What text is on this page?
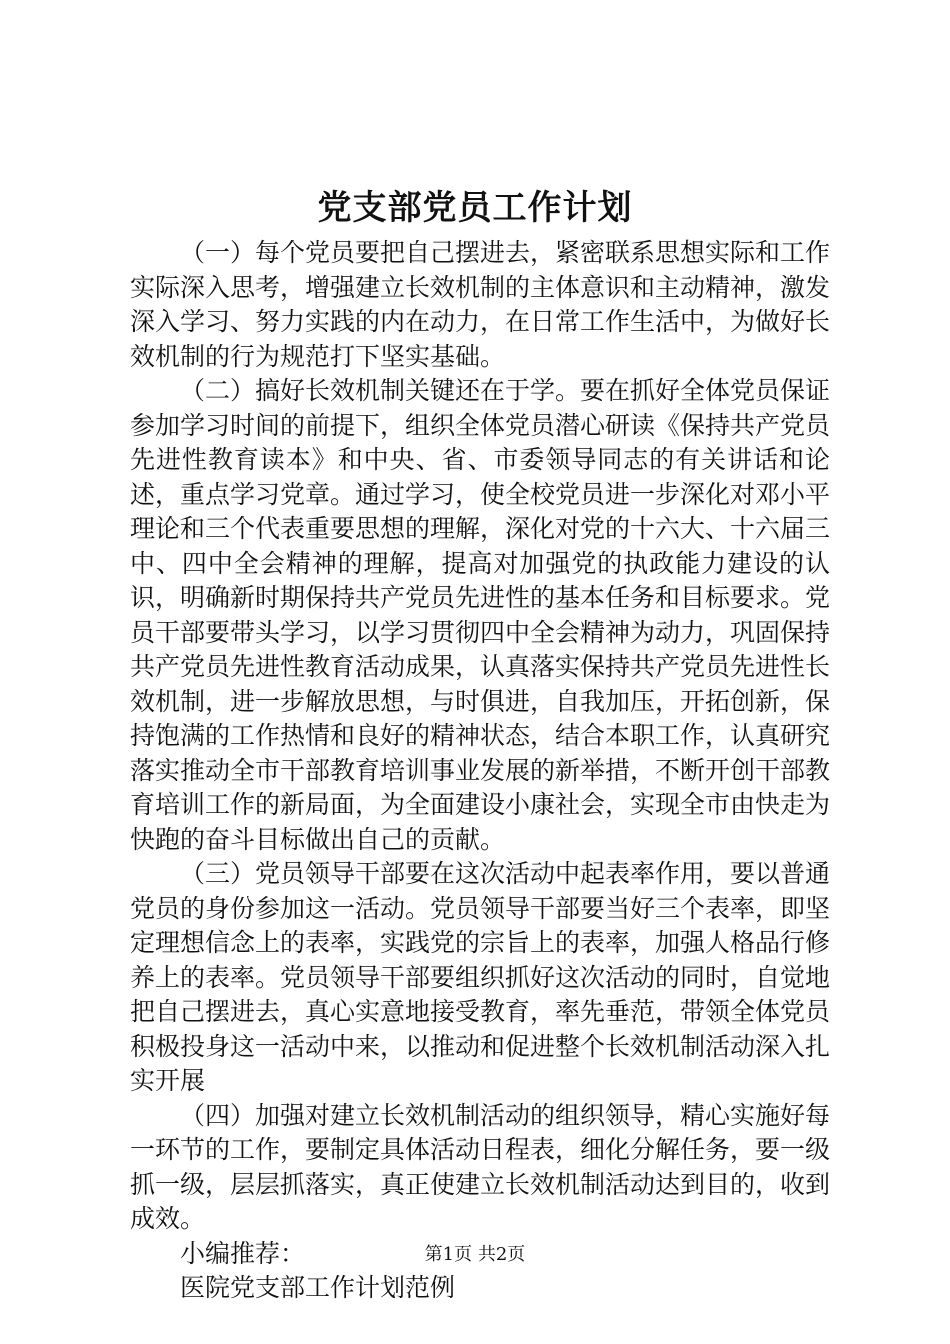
党支部党员工作计划

（一）每个党员要把自己摆进去，紧密联系思想实际和工作实际深入思考，增强建立长效机制的主体意识和主动精神，激发深入学习、努力实践的内在动力，在日常工作生活中，为做好长效机制的行为规范打下坚实基础。

（二）搞好长效机制关键还在于学。要在抓好全体党员保证参加学习时间的前提下，组织全体党员潜心研读《保持共产党员先进性教育读本》和中央、省、市委领导同志的有关讲话和论述，重点学习党章。通过学习，使全校党员进一步深化对邓小平理论和三个代表重要思想的理解，深化对党的十六大、十六届三中、四中全会精神的理解，提高对加强党的执政能力建设的认识，明确新时期保持共产党员先进性的基本任务和目标要求。党员干部要带头学习，以学习贯彻四中全会精神为动力，巩固保持共产党员先进性教育活动成果，认真落实保持共产党员先进性长效机制，进一步解放思想，与时俱进，自我加压，开拓创新，保持饱满的工作热情和良好的精神状态，结合本职工作，认真研究落实推动全市干部教育培训事业发展的新举措，不断开创干部教育培训工作的新局面，为全面建设小康社会，实现全市由快走为快跑的奋斗目标做出自己的贡献。

（三）党员领导干部要在这次活动中起表率作用，要以普通党员的身份参加这一活动。党员领导干部要当好三个表率，即坚定理想信念上的表率，实践党的宗旨上的表率，加强人格品行修养上的表率。党员领导干部要组织抓好这次活动的同时，自觉地把自己摆进去，真心实意地接受教育，率先垂范，带领全体党员积极投身这一活动中来，以推动和促进整个长效机制活动深入扎实开展

（四）加强对建立长效机制活动的组织领导，精心实施好每一环节的工作，要制定具体活动日程表，细化分解任务，要一级抓一级，层层抓落实，真正使建立长效机制活动达到目的，收到成效。

小编推荐：

医院党支部工作计划范例

第1页 共2页
